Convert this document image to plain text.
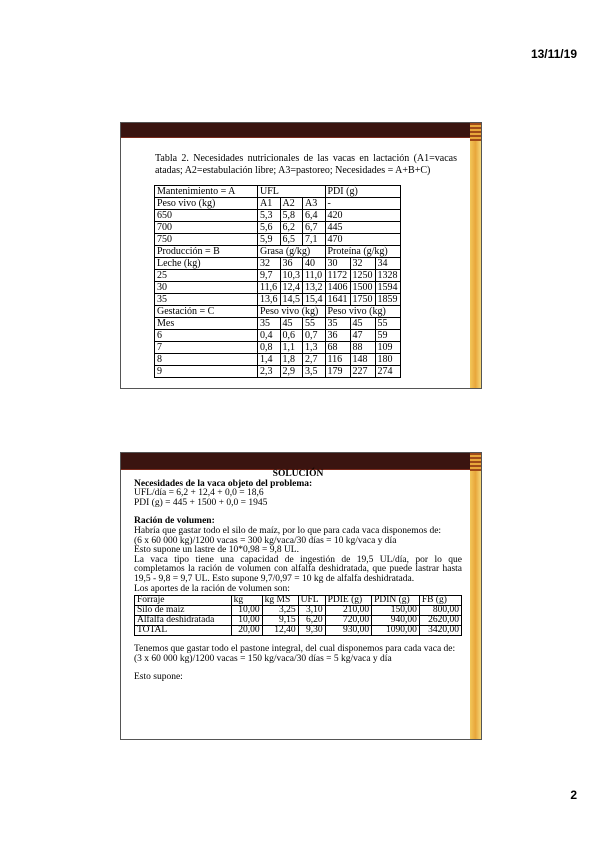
13/11/19
Tabla 2. Necesidades nutricionales de las vacas en lactación (A1=vacas atadas; A2=estabulación libre; A3=pastoreo; Necesidades = A+B+C)
Mantenimiento = A	UFL			PDI (g)		
Peso vivo (kg)	A1	A2	A3	-		
650	5,3	5,8	6,4	420		
700	5,6	6,2	6,7	445		
750	5,9	6,5	7,1	470		
Producción = B	Grasa (g/kg)			Proteína (g/kg)		
Leche (kg)	32	36	40	30	32	34
25	9,7	10,3	11,0	1172	1250	1328
30	11,6	12,4	13,2	1406	1500	1594
35	13,6	14,5	15,4	1641	1750	1859
Gestación = C	Peso vivo (kg)			Peso vivo (kg)		
Mes	35	45	55	35	45	55
6	0,4	0,6	0,7	36	47	59
7	0,8	1,1	1,3	68	88	109
8	1,4	1,8	2,7	116	148	180
9	2,3	2,9	3,5	179	227	274

SOLUCIÓN

Necesidades de la vaca objeto del problema:

UFL/día = 6,2 + 12,4 + 0,0 = 18,6

PDI (g) = 445 + 1500 + 0,0 = 1945

Ración de volumen:

Habría que gastar todo el silo de maíz, por lo que para cada vaca disponemos de:

(6 x 60 000 kg)/1200 vacas = 300 kg/vaca/30 días = 10 kg/vaca y día

Esto supone un lastre de 10*0,98 = 9,8 UL.

La vaca tipo tiene una capacidad de ingestión de 19,5 UL/día, por lo que completamos la ración de volumen con alfalfa deshidratada, que puede lastrar hasta 19,5 - 9,8 = 9,7 UL. Esto supone 9,7/0,97 = 10 kg de alfalfa deshidratada.

Los aportes de la ración de volumen son:

Forraje	kg	kg MS	UFL	PDIE (g)	PDIN (g)	FB (g)
Silo de maíz	10,00	3,25	3,10	210,00	150,00	800,00
Alfalfa deshidratada	10,00	9,15	6,20	720,00	940,00	2620,00
TOTAL	20,00	12,40	9,30	930,00	1090,00	3420,00

Tenemos que gastar todo el pastone integral, del cual disponemos para cada vaca de:

(3 x 60 000 kg)/1200 vacas = 150 kg/vaca/30 días = 5 kg/vaca y día

Esto supone:

2
